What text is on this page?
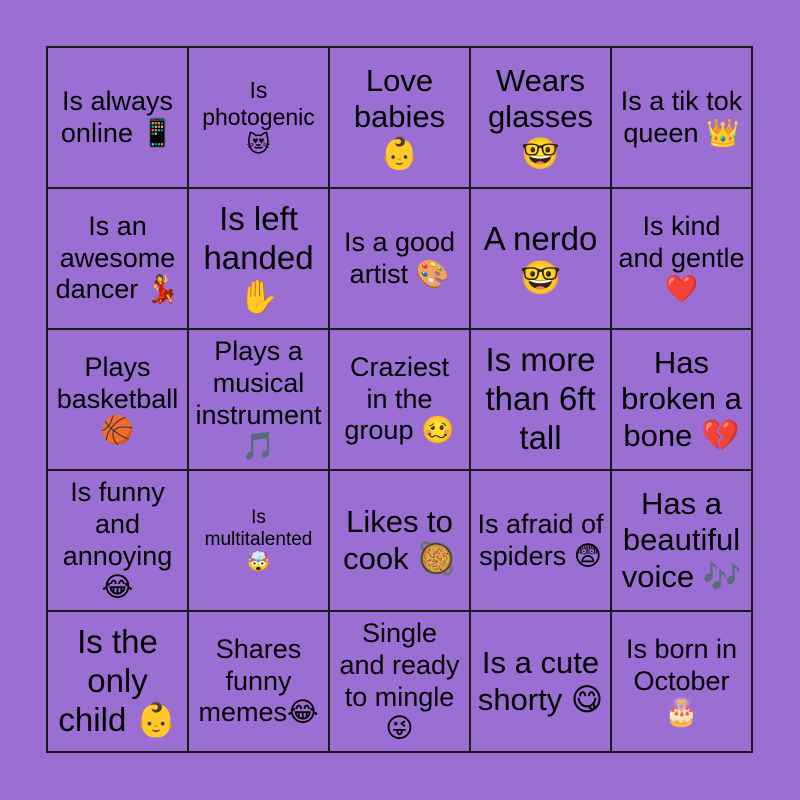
Is always online 📱
Is photogenic 😻
Love babies 👶
Wears glasses 🤓
Is a tik tok queen 👑
Is an awesome dancer 💃
Is left handed ✋
Is a good artist 🎨
A nerdo 🤓
Is kind and gentle ❤️
Plays basketball 🏀
Plays a musical instrument 🎵
Craziest in the group 🥴
Is more than 6ft tall
Has broken a bone 💔
Is funny and annoying 😂
Is multitalented 🤯
Likes to cook 🥘
Is afraid of spiders 😨
Has a beautiful voice 🎶
Is the only child 👶
Shares funny memes😂
Single and ready to mingle 😜
Is a cute shorty 😋
Is born in October 🎂
